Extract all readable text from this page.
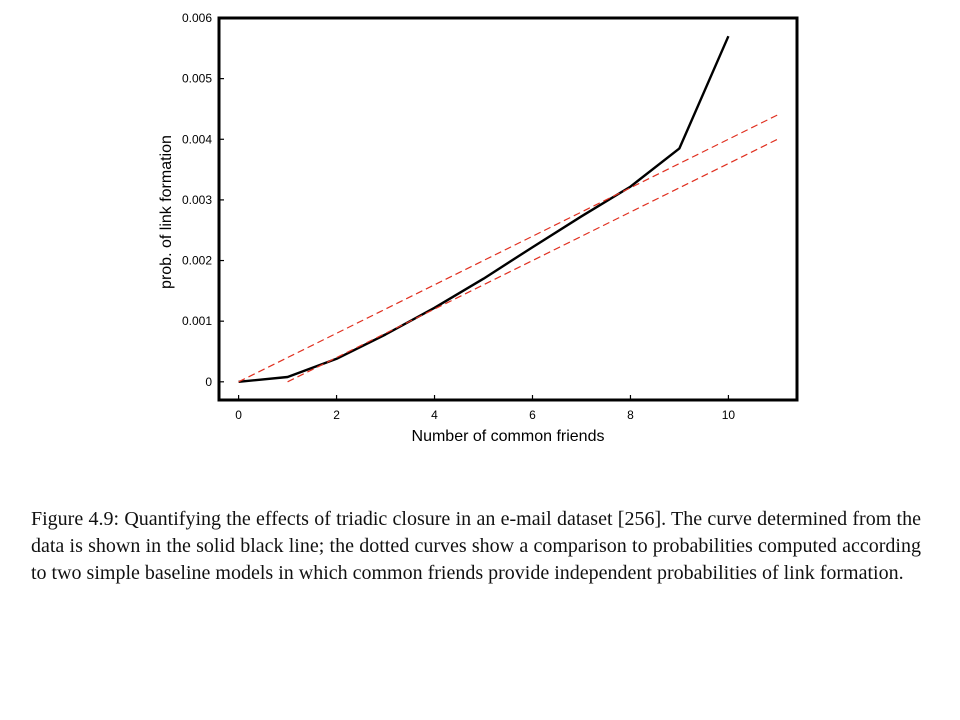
0	2	4	6	8	10
0
0.001
0.002
0.003
0.004
0.005
0.006
Number of common friends
prob. of link formation

Figure 4.9: Quantifying the effects of triadic closure in an e-mail dataset [256]. The curve determined from the data is shown in the solid black line; the dotted curves show a comparison to probabilities computed according to two simple baseline models in which common friends provide independent probabilities of link formation.
